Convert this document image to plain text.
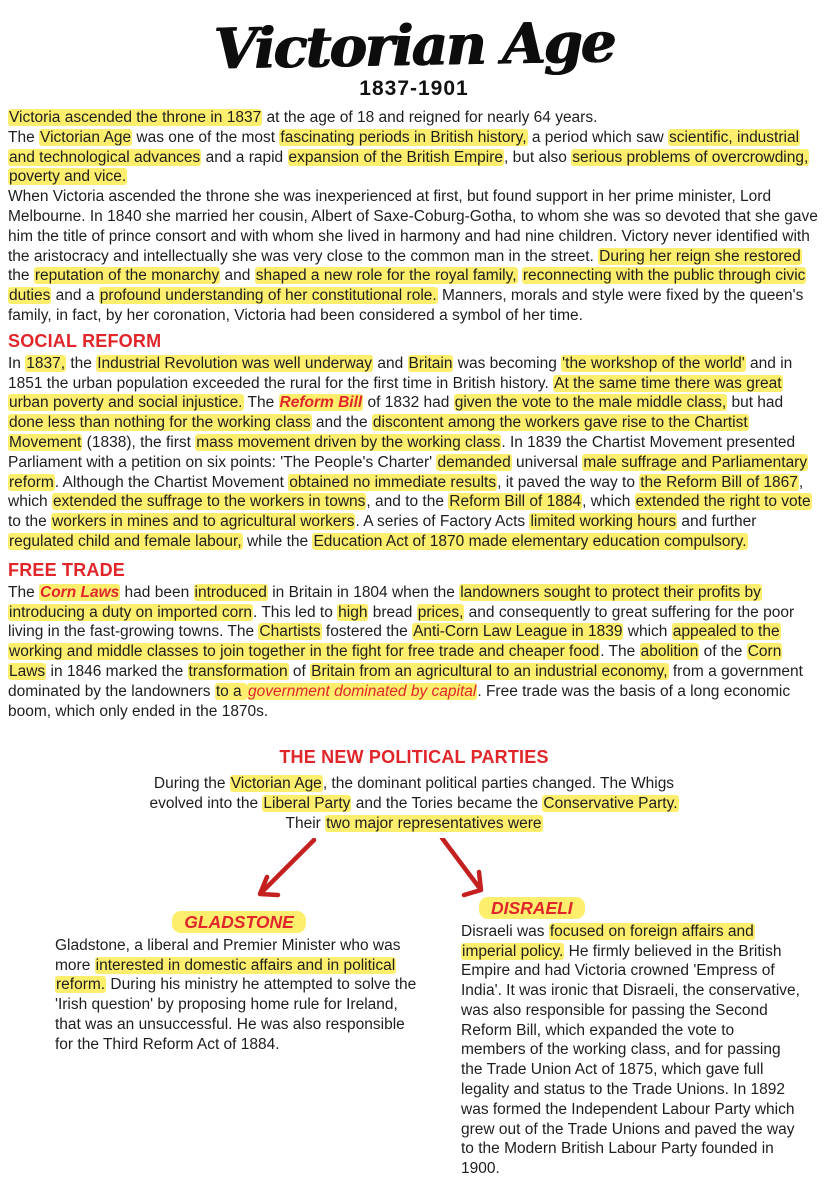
Victorian Age
1837-1901

Victoria ascended the throne in 1837 at the age of 18 and reigned for nearly 64 years.
The Victorian Age was one of the most fascinating periods in British history, a period which saw scientific, industrial and technological advances and a rapid expansion of the British Empire, but also serious problems of overcrowding, poverty and vice.
When Victoria ascended the throne she was inexperienced at first, but found support in her prime minister, Lord Melbourne. In 1840 she married her cousin, Albert of Saxe-Coburg-Gotha, to whom she was so devoted that she gave him the title of prince consort and with whom she lived in harmony and had nine children. Victory never identified with the aristocracy and intellectually she was very close to the common man in the street. During her reign she restored the reputation of the monarchy and shaped a new role for the royal family, reconnecting with the public through civic duties and a profound understanding of her constitutional role. Manners, morals and style were fixed by the queen's family, in fact, by her coronation, Victoria had been considered a symbol of her time.

SOCIAL REFORM

In 1837, the Industrial Revolution was well underway and Britain was becoming 'the workshop of the world' and in 1851 the urban population exceeded the rural for the first time in British history. At the same time there was great urban poverty and social injustice. The Reform Bill of 1832 had given the vote to the male middle class, but had done less than nothing for the working class and the discontent among the workers gave rise to the Chartist Movement (1838), the first mass movement driven by the working class. In 1839 the Chartist Movement presented Parliament with a petition on six points: 'The People's Charter' demanded universal male suffrage and Parliamentary reform. Although the Chartist Movement obtained no immediate results, it paved the way to the Reform Bill of 1867, which extended the suffrage to the workers in towns, and to the Reform Bill of 1884, which extended the right to vote to the workers in mines and to agricultural workers. A series of Factory Acts limited working hours and further regulated child and female labour, while the Education Act of 1870 made elementary education compulsory.

FREE TRADE

The Corn Laws had been introduced in Britain in 1804 when the landowners sought to protect their profits by introducing a duty on imported corn. This led to high bread prices, and consequently to great suffering for the poor living in the fast-growing towns. The Chartists fostered the Anti-Corn Law League in 1839 which appealed to the working and middle classes to join together in the fight for free trade and cheaper food. The abolition of the Corn Laws in 1846 marked the transformation of Britain from an agricultural to an industrial economy, from a government dominated by the landowners to a government dominated by capital. Free trade was the basis of a long economic boom, which only ended in the 1870s.

THE NEW POLITICAL PARTIES

During the Victorian Age, the dominant political parties changed. The Whigs
evolved into the Liberal Party and the Tories became the Conservative Party.
Their two major representatives were

GLADSTONE

Gladstone, a liberal and Premier Minister who was more interested in domestic affairs and in political reform. During his ministry he attempted to solve the 'Irish question' by proposing home rule for Ireland, that was an unsuccessful. He was also responsible for the Third Reform Act of 1884.

DISRAELI

Disraeli was focused on foreign affairs and imperial policy. He firmly believed in the British Empire and had Victoria crowned 'Empress of India'. It was ironic that Disraeli, the conservative, was also responsible for passing the Second Reform Bill, which expanded the vote to members of the working class, and for passing the Trade Union Act of 1875, which gave full legality and status to the Trade Unions. In 1892 was formed the Independent Labour Party which grew out of the Trade Unions and paved the way to the Modern British Labour Party founded in 1900.
